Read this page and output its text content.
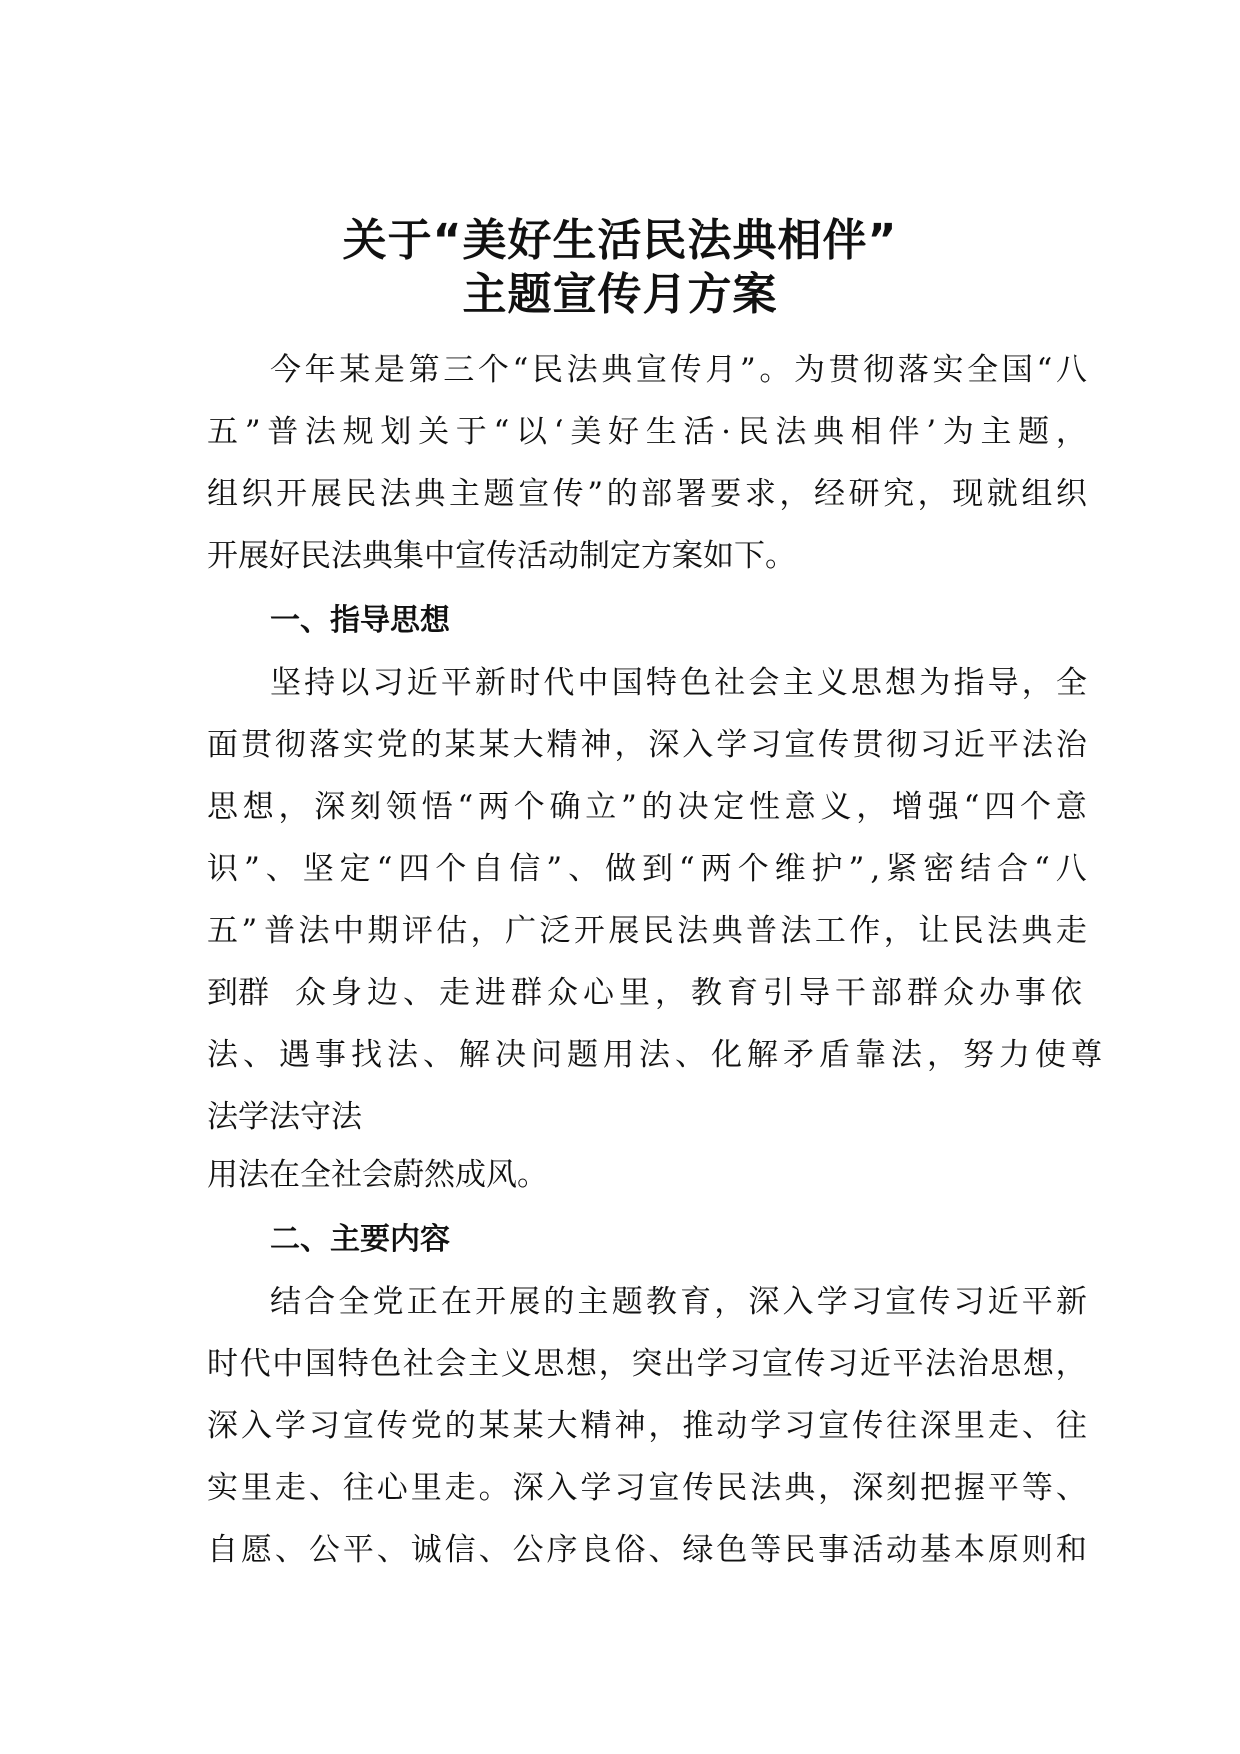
关于“美好生活民法典相伴”
主题宣传月方案
今 年 某 是 第 三 个 “ 民 法 典 宣 传 月 ” 。 为 贯 彻 落 实 全 国 “ 八
五 ” 普 法 规 划 关 于 “ 以 ‘ 美 好 生 活 · 民 法 典 相 伴 ’ 为 主 题 ，
组 织 开 展 民 法 典 主 题 宣 传 ” 的 部 署 要 求 ， 经 研 究 ， 现 就 组 织
开展好民法典集中宣传活动制定方案如下。
一、指导思想
坚 持 以 习 近 平 新 时 代 中 国 特 色 社 会 主 义 思 想 为 指 导 ， 全
面 贯 彻 落 实 党 的 某 某 大 精 神 ， 深 入 学 习 宣 传 贯 彻 习 近 平 法 治
思 想 ， 深 刻 领 悟 “ 两 个 确 立 ” 的 决 定 性 意 义 ， 增 强 “ 四 个 意
识 ” 、 坚 定 “ 四 个 自 信 ” 、 做 到 “ 两 个 维 护 ” , 紧 密 结 合 “ 八
五 ” 普 法 中 期 评 估 ， 广 泛 开 展 民 法 典 普 法 工 作 ， 让 民 法 典 走
到群 众身边、走进群众心里，教育引导干部群众办事依
法、遇事 找法、解决问题用法、化解矛盾靠法，努力使尊
法学法守法
用法在全社会蔚然成风。
二、主要内容
结 合 全 党 正 在 开 展 的 主 题 教 育 ， 深 入 学 习 宣 传 习 近 平 新
时 代 中 国 特 色 社 会 主 义 思 想 ， 突 出 学 习 宣 传 习 近 平 法 治 思 想 ，
深 入 学 习 宣 传 党 的 某 某 大 精 神 ， 推 动 学 习 宣 传 往 深 里 走 、 往
实 里 走 、 往 心 里 走 。 深 入 学 习 宣 传 民 法 典 ， 深 刻 把 握 平 等 、
自 愿 、 公 平 、 诚 信 、 公 序 良 俗 、 绿 色 等 民 事 活 动 基 本 原 则 和
